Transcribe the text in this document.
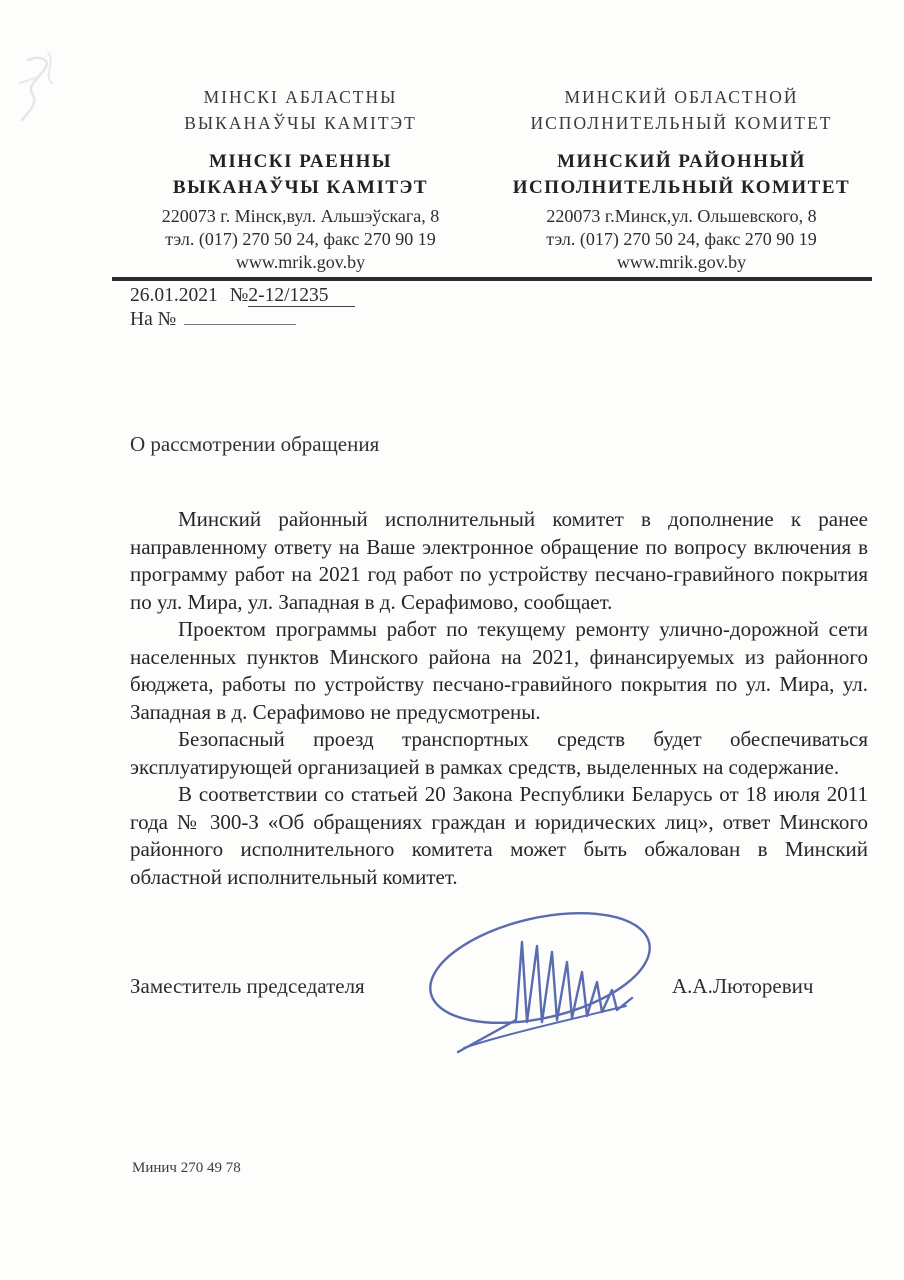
МІНСКІ АБЛАСТНЫ
ВЫКАНАЎЧЫ КАМІТЭТ
МІНСКІ РАЕННЫ
ВЫКАНАЎЧЫ КАМІТЭТ
220073 г. Мінск,вул. Альшэўскага, 8
тэл. (017) 270 50 24, факс 270 90 19
www.mrik.gov.by
МИНСКИЙ ОБЛАСТНОЙ
ИСПОЛНИТЕЛЬНЫЙ КОМИТЕТ
МИНСКИЙ РАЙОННЫЙ
ИСПОЛНИТЕЛЬНЫЙ КОМИТЕТ
220073 г.Минск,ул. Ольшевского, 8
тэл. (017) 270 50 24, факс 270 90 19
www.mrik.gov.by
26.01.2021 №2-12/1235
На №
О рассмотрении обращения

Минский районный исполнительный комитет в дополнение к ранее направленному ответу на Ваше электронное обращение по вопросу включения в программу работ на 2021 год работ по устройству песчано-гравийного покрытия по ул. Мира, ул. Западная в д. Серафимово, сообщает.

Проектом программы работ по текущему ремонту улично-дорожной сети населенных пунктов Минского района на 2021, финансируемых из районного бюджета, работы по устройству песчано-гравийного покрытия по ул. Мира, ул. Западная в д. Серафимово не предусмотрены.

Безопасный проезд транспортных средств будет обеспечиваться эксплуатирующей организацией в рамках средств, выделенных на содержание.

В соответствии со статьей 20 Закона Республики Беларусь от 18 июля 2011 года № 300-З «Об обращениях граждан и юридических лиц», ответ Минского районного исполнительного комитета может быть обжалован в Минский областной исполнительный комитет.

Заместитель председателя	А.А.Люторевич
Минич 270 49 78
